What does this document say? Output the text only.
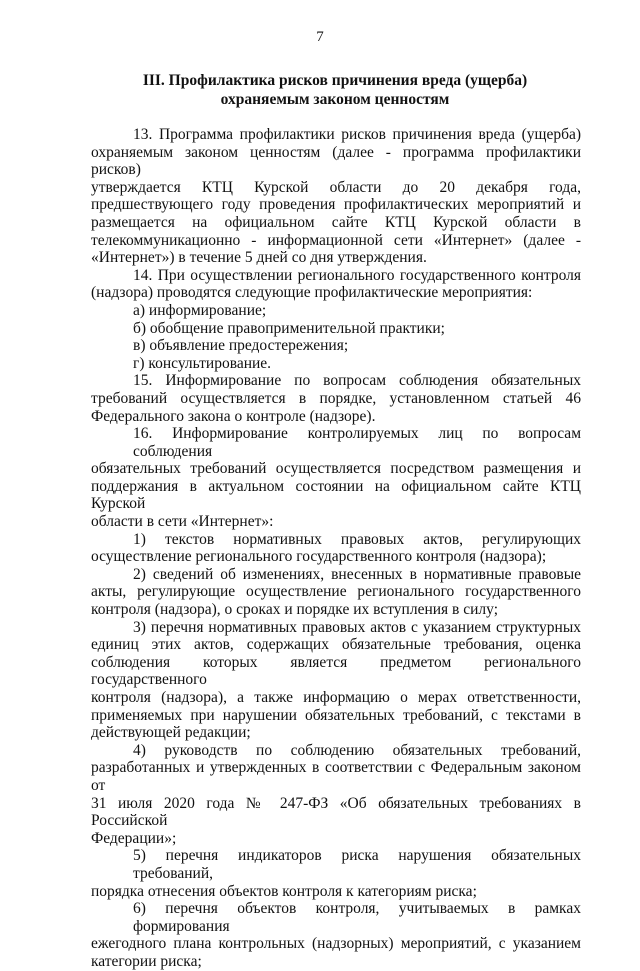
7
III. Профилактика рисков причинения вреда (ущерба)
охраняемым законом ценностям
13. Программа профилактики рисков причинения вреда (ущерба)
охраняемым законом ценностям (далее - программа профилактики рисков)
утверждается КТЦ Курской области до 20 декабря года,
предшествующего году проведения профилактических мероприятий и
размещается на официальном сайте КТЦ Курской области в
телекоммуникационно - информационной сети «Интернет» (далее -
«Интернет») в течение 5 дней со дня утверждения.
14. При осуществлении регионального государственного контроля
(надзора) проводятся следующие профилактические мероприятия:
а) информирование;
б) обобщение правоприменительной практики;
в) объявление предостережения;
г) консультирование.
15. Информирование по вопросам соблюдения обязательных
требований осуществляется в порядке, установленном статьей 46
Федерального закона о контроле (надзоре).
16. Информирование контролируемых лиц по вопросам соблюдения
обязательных требований осуществляется посредством размещения и
поддержания в актуальном состоянии на официальном сайте КТЦ Курской
области в сети «Интернет»:
1) текстов нормативных правовых актов, регулирующих
осуществление регионального государственного контроля (надзора);
2) сведений об изменениях, внесенных в нормативные правовые
акты, регулирующие осуществление регионального государственного
контроля (надзора), о сроках и порядке их вступления в силу;
3) перечня нормативных правовых актов с указанием структурных
единиц этих актов, содержащих обязательные требования, оценка
соблюдения которых является предметом регионального государственного
контроля (надзора), а также информацию о мерах ответственности,
применяемых при нарушении обязательных требований, с текстами в
действующей редакции;
4) руководств по соблюдению обязательных требований,
разработанных и утвержденных в соответствии с Федеральным законом от
31 июля 2020 года № 247-ФЗ «Об обязательных требованиях в Российской
Федерации»;
5) перечня индикаторов риска нарушения обязательных требований,
порядка отнесения объектов контроля к категориям риска;
6) перечня объектов контроля, учитываемых в рамках формирования
ежегодного плана контрольных (надзорных) мероприятий, с указанием
категории риска;
